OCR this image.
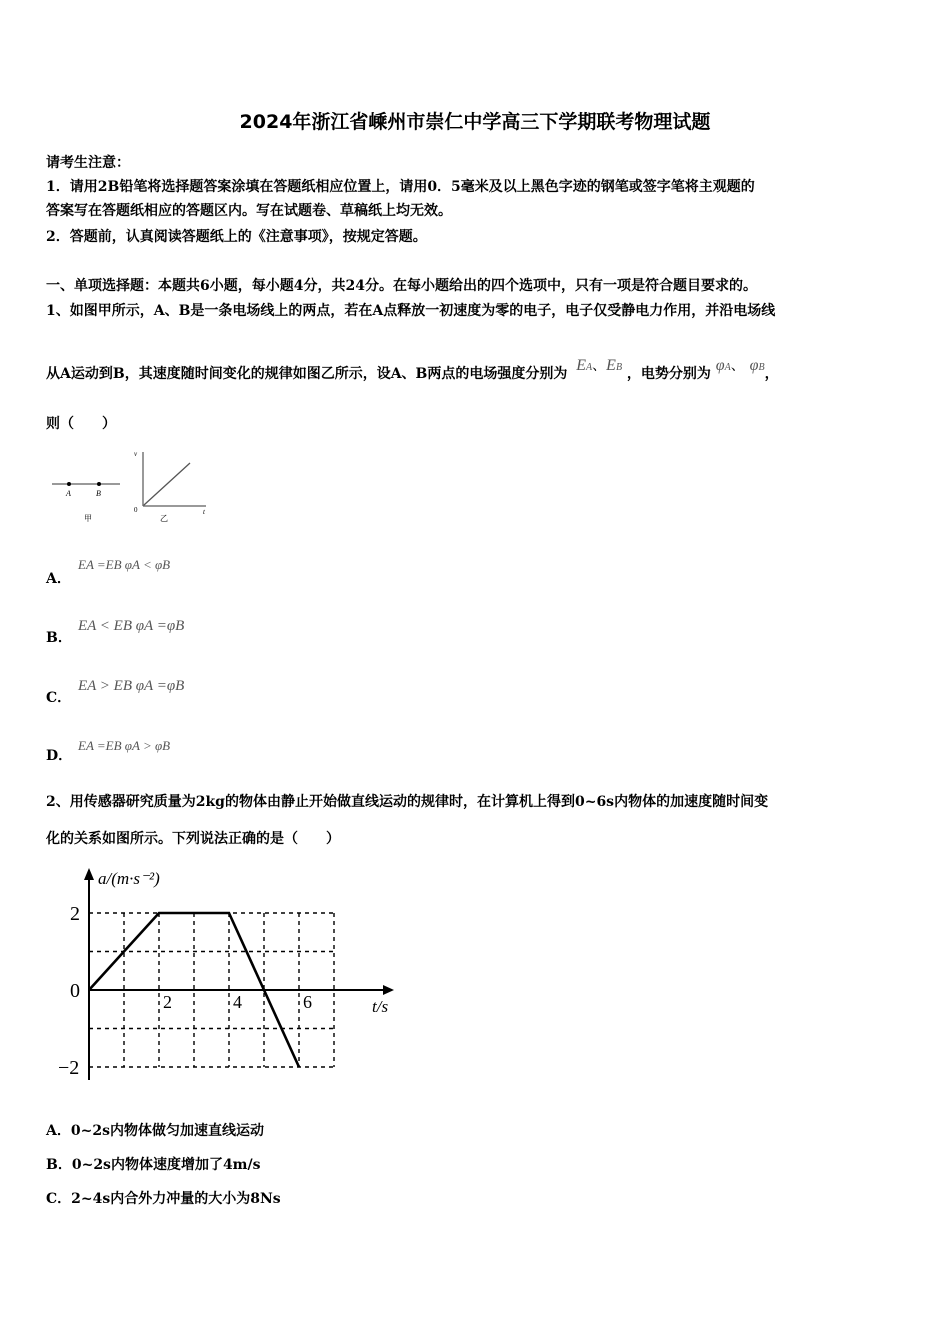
2024年浙江省嵊州市崇仁中学高三下学期联考物理试题
请考生注意：
1．请用2B铅笔将选择题答案涂填在答题纸相应位置上，请用0．5毫米及以上黑色字迹的钢笔或签字笔将主观题的
答案写在答题纸相应的答题区内。写在试题卷、草稿纸上均无效。
2．答题前，认真阅读答题纸上的《注意事项》，按规定答题。
一、单项选择题：本题共6小题，每小题4分，共24分。在每小题给出的四个选项中，只有一项是符合题目要求的。
1、如图甲所示，A、B是一条电场线上的两点，若在A点释放一初速度为零的电子，电子仅受静电力作用，并沿电场线
从A运动到B，其速度随时间变化的规律如图乙所示，设A、B两点的电场强度分别为 EA、EB ，电势分别为 φA、 φB，
则（　　）
A	B
甲
v
t
0
乙
A．
EA =EB φA < φB
B．
EA < EB φA =φB
C．
EA > EB φA =φB
D．
EA =EB φA > φB
2、用传感器研究质量为2kg的物体由静止开始做直线运动的规律时，在计算机上得到0~6s内物体的加速度随时间变
化的关系如图所示。下列说法正确的是（　　）
a/(m·s⁻²)
t/s
2
0
−2
2	4	6
A．0~2s内物体做匀加速直线运动
B．0~2s内物体速度增加了4m/s
C．2~4s内合外力冲量的大小为8Ns
